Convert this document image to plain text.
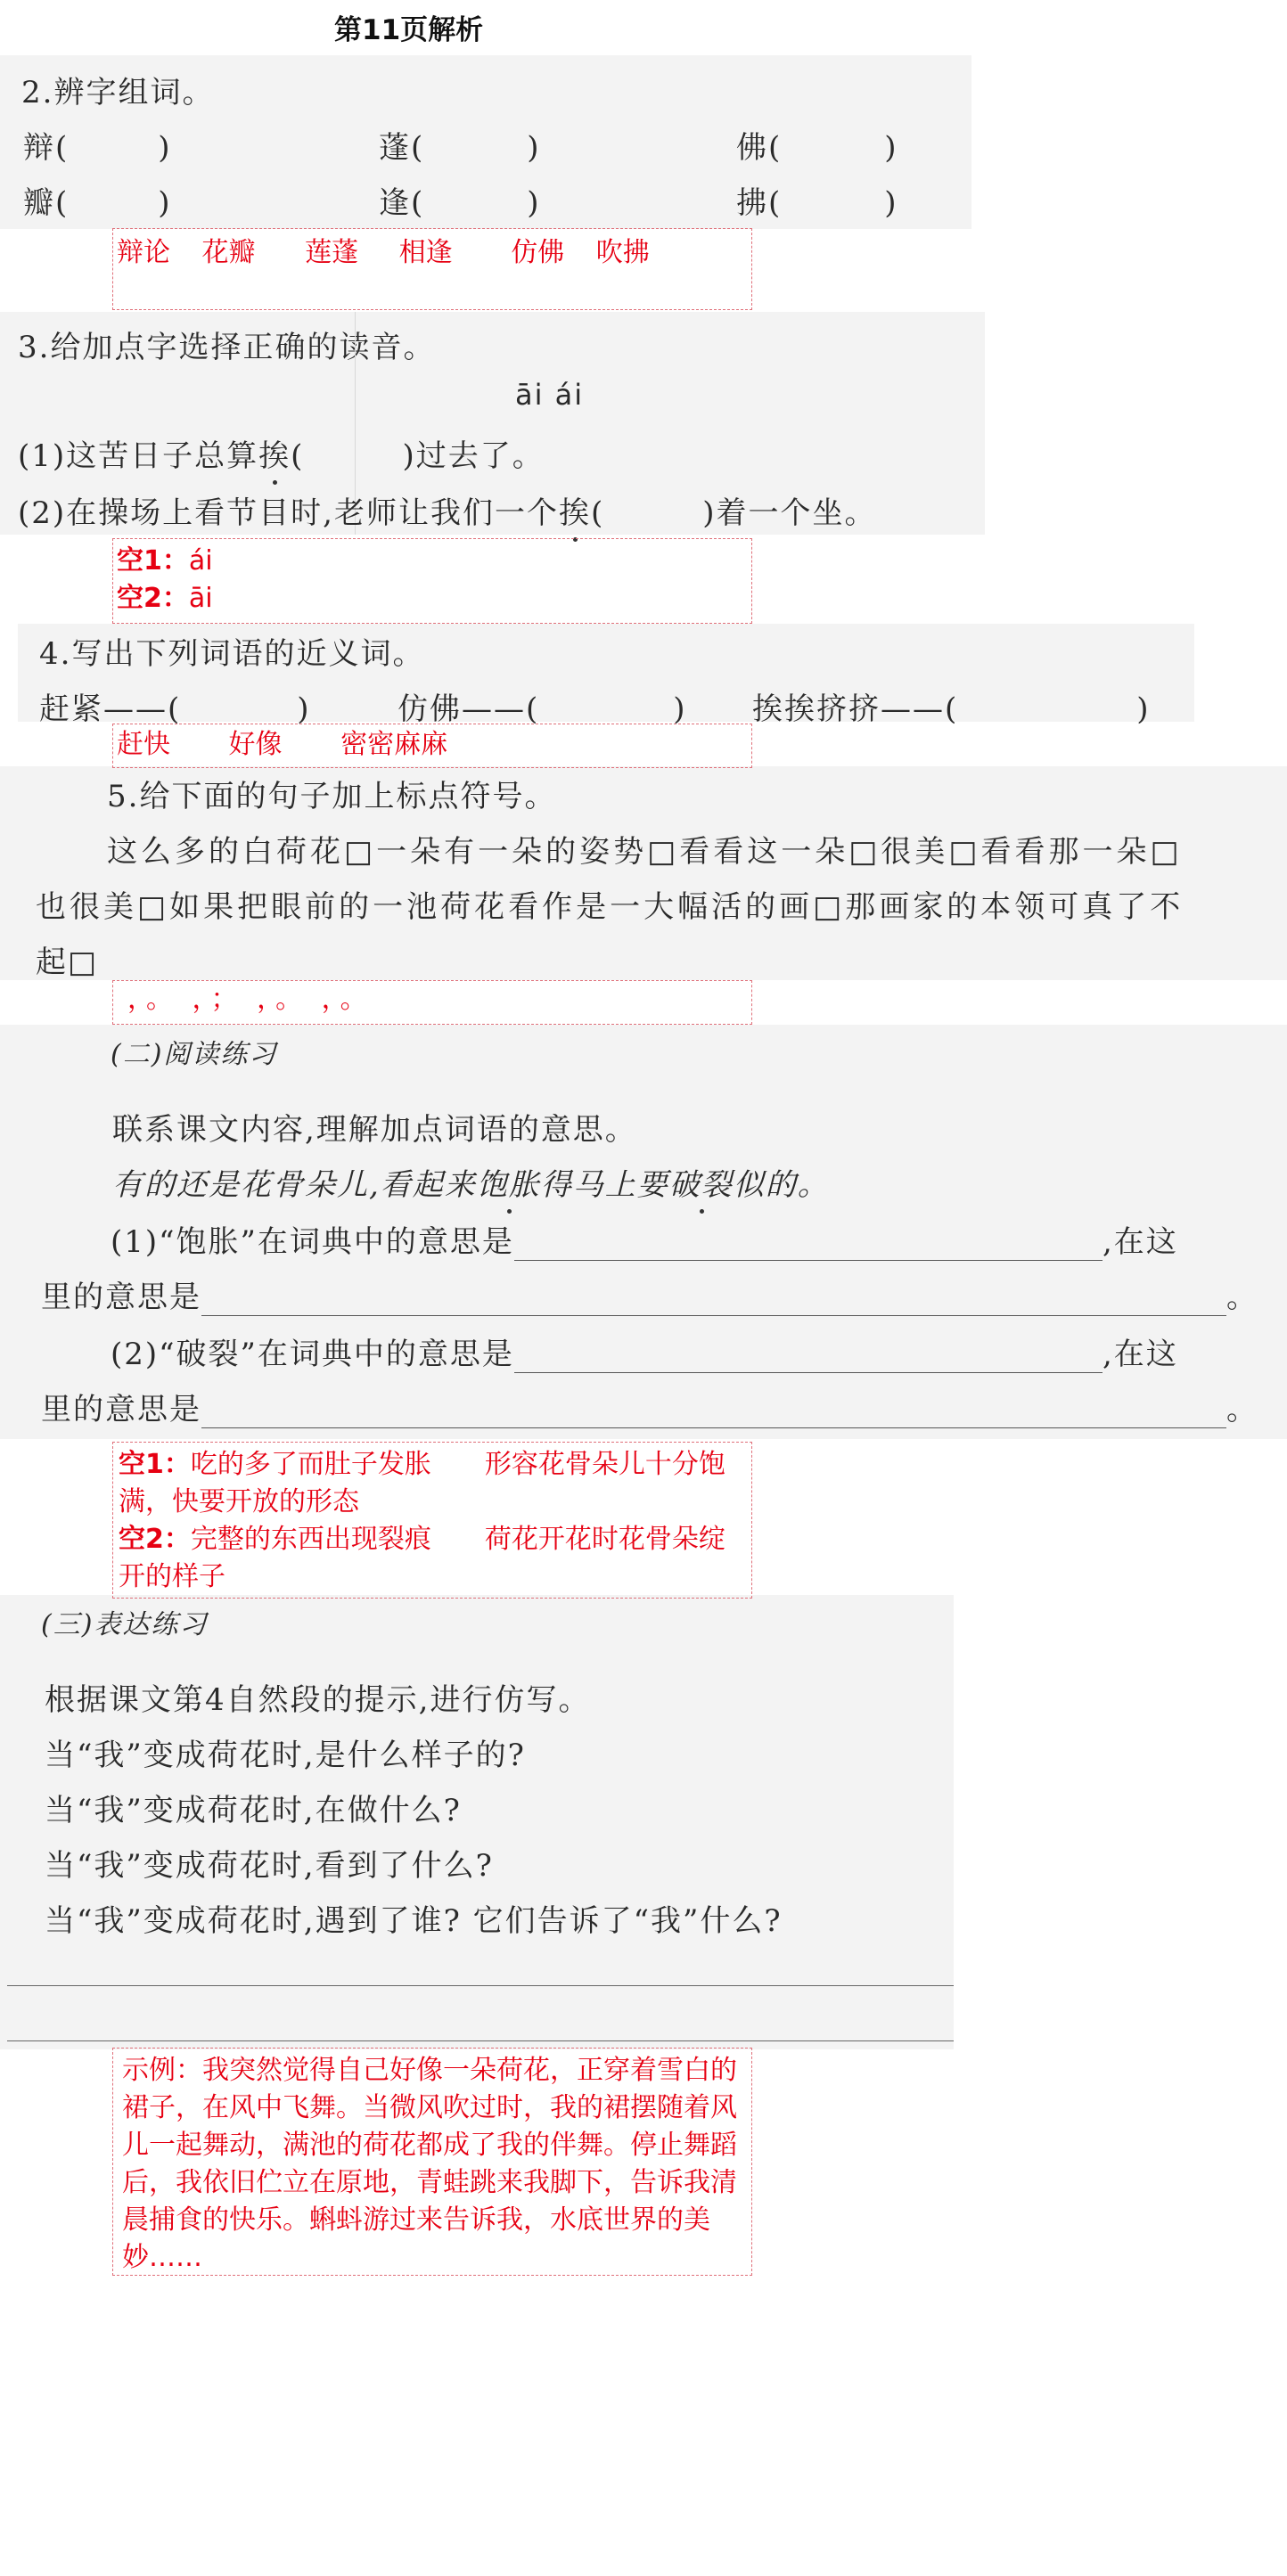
第11页解析
2.辨字组词。
辩(	)	蓬(	)	佛(	)
瓣(	)	逢(	)	拂(	)
辩论 花瓣 莲蓬 相逢 仿佛 吹拂
3.给加点字选择正确的读音。
āi ái
(1)这苦日子总算挨(	)过去了。
(2)在操场上看节目时,老师让我们一个挨(	)着一个坐。
空1：ái
空2：āi
4.写出下列词语的近义词。
赶紧——(	)	仿佛——(	) 挨挨挤挤——(	)
赶快 好像 密密麻麻
5.给下面的句子加上标点符号。
这么多的白荷花□一朵有一朵的姿势□看看这一朵□很美□看看那一朵□
也很美□如果把眼前的一池荷花看作是一大幅活的画□那画家的本领可真了不
起□
，。 ，； ，。 ，。
(二)阅读练习
联系课文内容,理解加点词语的意思。
有的还是花骨朵儿,看起来饱胀得马上要破裂似的。
(1)“饱胀”在词典中的意思是	,在这
里的意思是	。
(2)“破裂”在词典中的意思是	,在这
里的意思是	。
空1：吃的多了而肚子发胀　　形容花骨朵儿十分饱满，快要开放的形态
空2：完整的东西出现裂痕　　荷花开花时花骨朵绽开的样子
(三)表达练习
根据课文第4自然段的提示,进行仿写。
当“我”变成荷花时,是什么样子的?
当“我”变成荷花时,在做什么?
当“我”变成荷花时,看到了什么?
当“我”变成荷花时,遇到了谁? 它们告诉了“我”什么?
示例：我突然觉得自己好像一朵荷花，正穿着雪白的裙子，在风中飞舞。当微风吹过时，我的裙摆随着风儿一起舞动，满池的荷花都成了我的伴舞。停止舞蹈后，我依旧伫立在原地，青蛙跳来我脚下，告诉我清晨捕食的快乐。蝌蚪游过来告诉我，水底世界的美妙……
